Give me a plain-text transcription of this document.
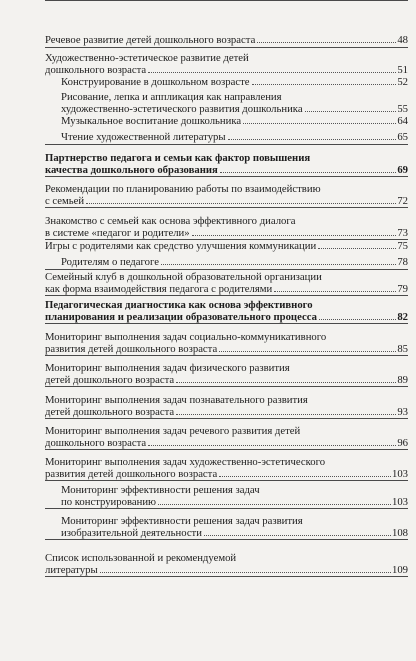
Речевое развитие детей дошкольного возраста	48
Художественно-эстетическое развитие детей
дошкольного возраста	51
Конструирование в дошкольном возрасте	52
Рисование, лепка и аппликация как направления
художественно-эстетического развития дошкольника	55
Музыкальное воспитание дошкольника	64
Чтение художественной литературы	65
Партнерство педагога и семьи как фактор повышения
качества дошкольного образования	69
Рекомендации по планированию работы по взаимодействию
с семьей	72
Знакомство с семьей как основа эффективного диалога
в системе «педагог и родители»	73
Игры с родителями как средство улучшения коммуникации	75
Родителям о педагоге	78
Семейный клуб в дошкольной образовательной организации
как форма взаимодействия педагога с родителями	79
Педагогическая диагностика как основа эффективного
планирования и реализации образовательного процесса	82
Мониторинг выполнения задач социально-коммуникативного
развития детей дошкольного возраста	85
Мониторинг выполнения задач физического развития
детей дошкольного возраста	89
Мониторинг выполнения задач познавательного развития
детей дошкольного возраста	93
Мониторинг выполнения задач речевого развития детей
дошкольного возраста	96
Мониторинг выполнения задач художественно-эстетического
развития детей дошкольного возраста	103
Мониторинг эффективности решения задач
по конструированию	103
Мониторинг эффективности решения задач развития
изобразительной деятельности	108
Список использованной и рекомендуемой
литературы	109
